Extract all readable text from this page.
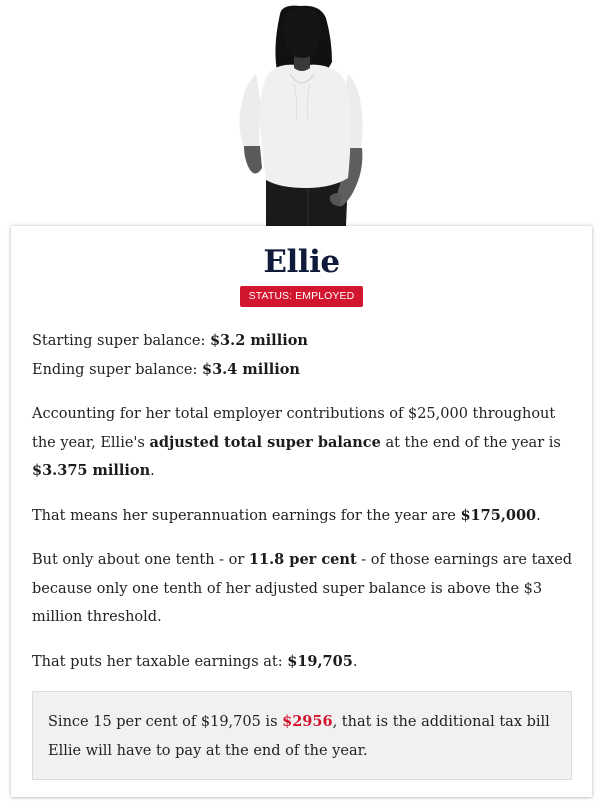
Ellie
STATUS: EMPLOYED

Starting super balance: $3.2 million
Ending super balance: $3.4 million

Accounting for her total employer contributions of $25,000 throughout the year, Ellie's adjusted total super balance at the end of the year is $3.375 million.

That means her superannuation earnings for the year are $175,000.

But only about one tenth - or 11.8 per cent - of those earnings are taxed because only one tenth of her adjusted super balance is above the $3 million threshold.

That puts her taxable earnings at: $19,705.

Since 15 per cent of $19,705 is $2956, that is the additional tax bill Ellie will have to pay at the end of the year.
